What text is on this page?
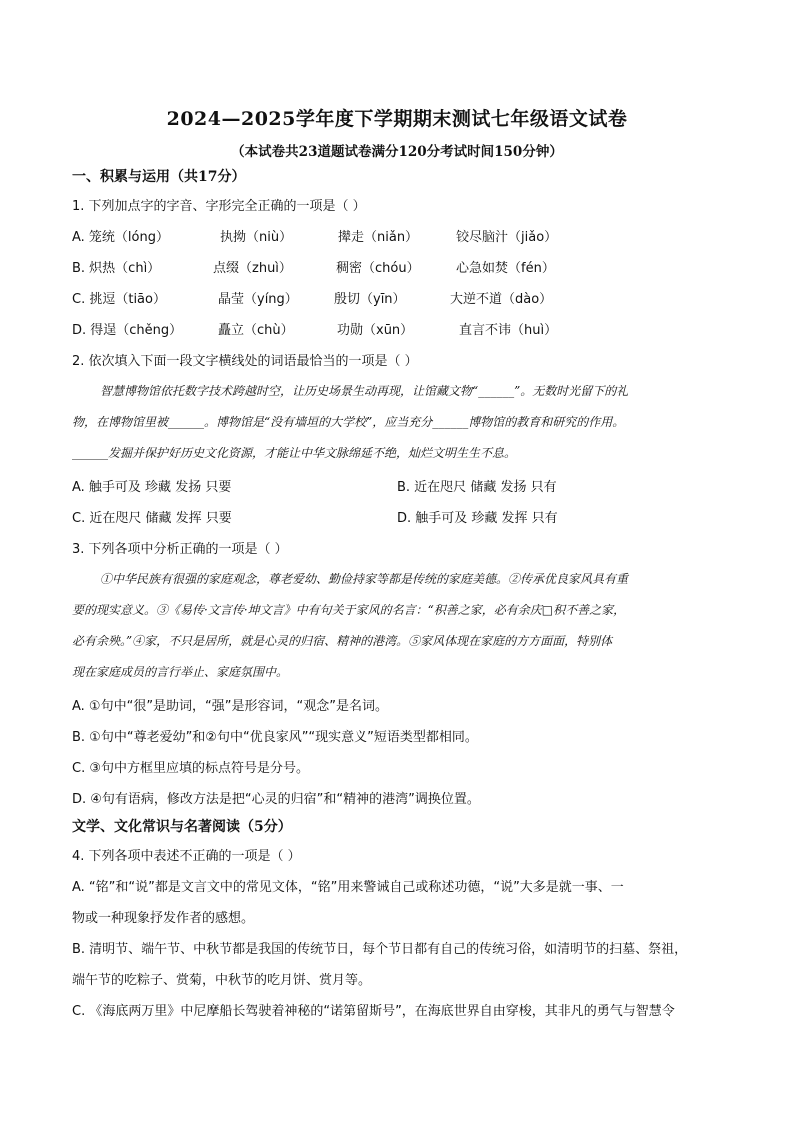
2024—2025学年度下学期期末测试七年级语文试卷
（本试卷共23道题试卷满分120分考试时间150分钟）
一、积累与运用（共17分）
1. 下列加点字的字音、字形完全正确的一项是（ ）
A. 笼统（lóng）	执拗（niù）	撵走（niǎn）	铰尽脑汁（jiǎo）
B. 炽热（chì）	点缀（zhuì）	稠密（chóu）	心急如焚（fén）
C. 挑逗（tiāo）	晶莹（yíng）	殷切（yīn）	大逆不道（dào）
D. 得逞（chěng）	矗立（chù）	功勋（xūn）	直言不讳（huì）
2. 依次填入下面一段文字横线处的词语最恰当的一项是（ ）
智慧博物馆依托数字技术跨越时空，让历史场景生动再现，让馆藏文物“______”。无数时光留下的礼
物，在博物馆里被______。博物馆是“没有墙垣的大学校”，应当充分______博物馆的教育和研究的作用。
______发掘并保护好历史文化资源，才能让中华文脉绵延不绝，灿烂文明生生不息。
A. 触手可及 珍藏 发扬 只要	B. 近在咫尺 储藏 发扬 只有
C. 近在咫尺 储藏 发挥 只要	D. 触手可及 珍藏 发挥 只有
3. 下列各项中分析正确的一项是（ ）
①中华民族有很强的家庭观念，尊老爱幼、勤俭持家等都是传统的家庭美德。②传承优良家风具有重
要的现实意义。③《易传·文言传·坤文言》中有句关于家风的名言：“积善之家，必有余庆□积不善之家，
必有余殃。”④家，不只是居所，就是心灵的归宿、精神的港湾。⑤家风体现在家庭的方方面面，特别体
现在家庭成员的言行举止、家庭氛围中。
A. ①句中“很”是助词，“强”是形容词，“观念”是名词。
B. ①句中“尊老爱幼”和②句中“优良家风”“现实意义”短语类型都相同。
C. ③句中方框里应填的标点符号是分号。
D. ④句有语病，修改方法是把“心灵的归宿”和“精神的港湾”调换位置。
文学、文化常识与名著阅读（5分）
4. 下列各项中表述不正确的一项是（ ）
A. “铭”和“说”都是文言文中的常见文体，“铭”用来警诫自己或称述功德，“说”大多是就一事、一
物或一种现象抒发作者的感想。
B. 清明节、端午节、中秋节都是我国的传统节日，每个节日都有自己的传统习俗，如清明节的扫墓、祭祖，
端午节的吃粽子、赏菊，中秋节的吃月饼、赏月等。
C. 《海底两万里》中尼摩船长驾驶着神秘的“诺第留斯号”，在海底世界自由穿梭，其非凡的勇气与智慧令
